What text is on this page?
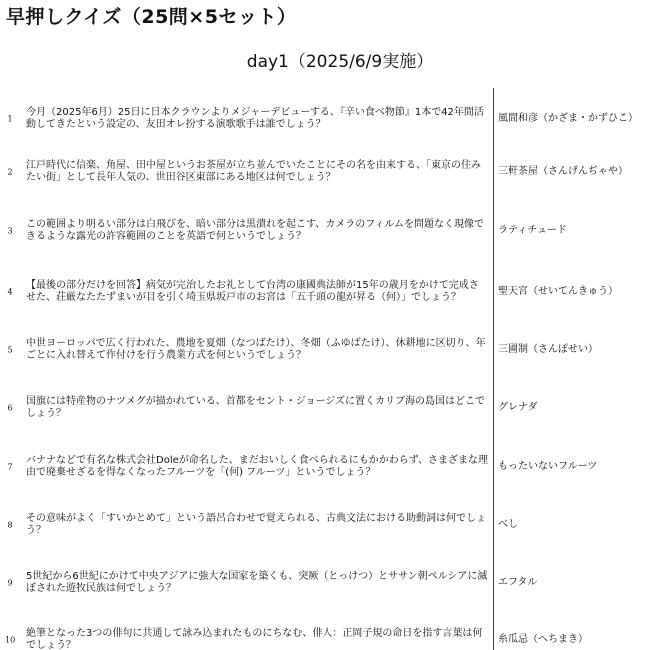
早押しクイズ（25問×5セット）
day1（2025/6/9実施）
1
今月（2025年6月）25日に日本クラウンよりメジャーデビューする、『辛い食べ物節』1本で42年間活動してきたという設定の、友田オレ扮する演歌歌手は誰でしょう？
風間和彦（かざま・かずひこ）
2
江戸時代に信楽、角屋、田中屋というお茶屋が立ち並んでいたことにその名を由来する、「東京の住みたい街」として長年人気の、世田谷区東部にある地区は何でしょう？
三軒茶屋（さんげんぢゃや）
3
この範囲より明るい部分は白飛びを、暗い部分は黒潰れを起こす、カメラのフィルムを問題なく現像できるような露光の許容範囲のことを英語で何というでしょう？
ラティチュード
4
【最後の部分だけを回答】病気が完治したお礼として台湾の康國典法師が15年の歳月をかけて完成させた、荘厳なたたずまいが目を引く埼玉県坂戸市のお宮は「五千頭の龍が昇る（何）」でしょう？
聖天宮（せいてんきゅう）
5
中世ヨーロッパで広く行われた、農地を夏畑（なつばたけ）、冬畑（ふゆばたけ）、休耕地に区切り、年ごとに入れ替えて作付けを行う農業方式を何というでしょう？
三圃制（さんぽせい）
6
国旗には特産物のナツメグが描かれている、首都をセント・ジョージズに置くカリブ海の島国はどこでしょう？
グレナダ
7
バナナなどで有名な株式会社Doleが命名した、まだおいしく食べられるにもかかわらず、さまざまな理由で廃棄せざるを得なくなったフルーツを「(何) フルーツ」というでしょう？
もったいないフルーツ
8
その意味がよく「すいかとめて」という語呂合わせで覚えられる、古典文法における助動詞は何でしょう？
べし
9
5世紀から6世紀にかけて中央アジアに強大な国家を築くも、突厥（とっけつ）とササン朝ペルシアに滅ぼされた遊牧民族は何でしょう？
エフタル
10
絶筆となった3つの俳句に共通して詠み込まれたものにちなむ、俳人：正岡子規の命日を指す言葉は何でしょう？
糸瓜忌（へちまき）
